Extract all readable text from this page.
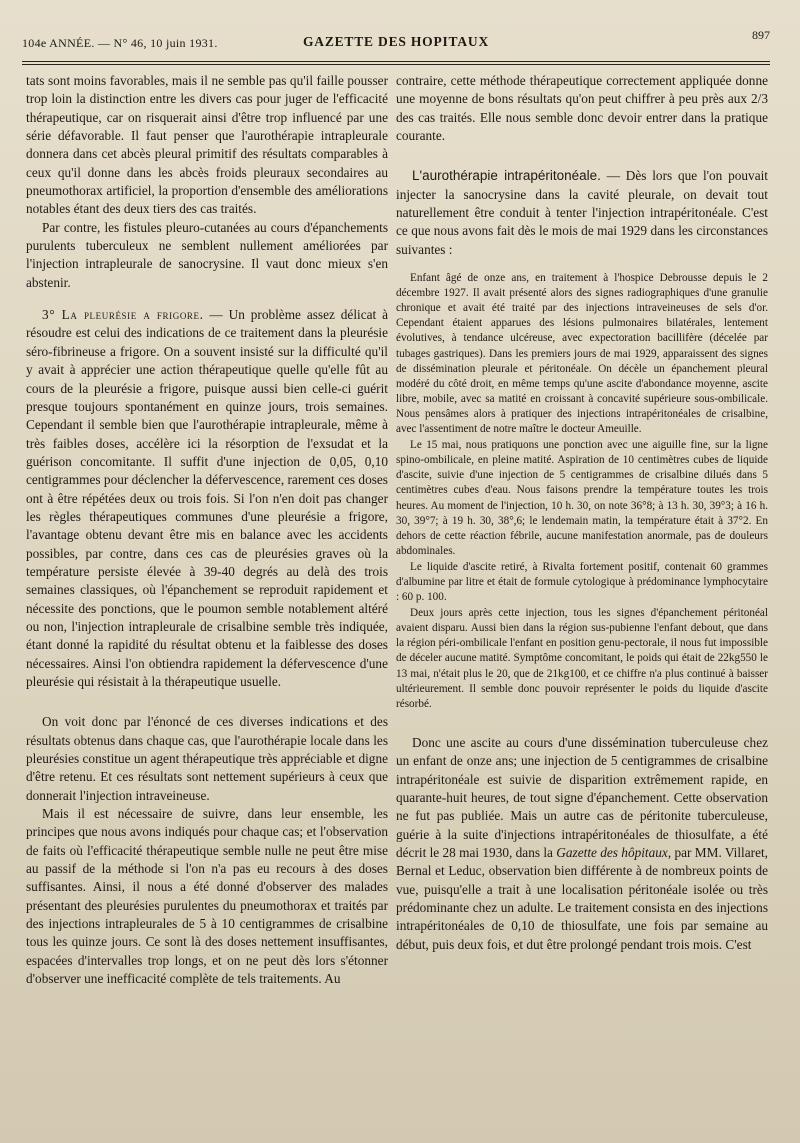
104e ANNÉE. — N° 46, 10 juin 1931.	GAZETTE DES HOPITAUX	897

tats sont moins favorables, mais il ne semble pas qu'il faille pousser trop loin la distinction entre les divers cas pour juger de l'efficacité thérapeutique, car on risquerait ainsi d'être trop influencé par une série défavorable. Il faut penser que l'aurothérapie intrapleurale donnera dans cet abcès pleural primitif des résultats comparables à ceux qu'il donne dans les abcès froids pleuraux secondaires au pneumothorax artificiel, la proportion d'ensemble des améliorations notables étant des deux tiers des cas traités.

Par contre, les fistules pleuro-cutanées au cours d'épanchements purulents tuberculeux ne semblent nullement améliorées par l'injection intrapleurale de sanocrysine. Il vaut donc mieux s'en abstenir.

3° La pleurésie a frigore. — Un problème assez délicat à résoudre est celui des indications de ce traitement dans la pleurésie séro-fibrineuse a frigore. On a souvent insisté sur la difficulté qu'il y avait à apprécier une action thérapeutique quelle qu'elle fût au cours de la pleurésie a frigore, puisque aussi bien celle-ci guérit presque toujours spontanément en quinze jours, trois semaines. Cependant il semble bien que l'aurothérapie intrapleurale, même à très faibles doses, accélère ici la résorption de l'exsudat et la guérison concomitante. Il suffit d'une injection de 0,05, 0,10 centigrammes pour déclencher la défervescence, rarement ces doses ont à être répétées deux ou trois fois. Si l'on n'en doit pas changer les règles thérapeutiques communes d'une pleurésie a frigore, l'avantage obtenu devant être mis en balance avec les accidents possibles, par contre, dans ces cas de pleurésies graves où la température persiste élevée à 39-40 degrés au delà des trois semaines classiques, où l'épanchement se reproduit rapidement et nécessite des ponctions, que le poumon semble notablement altéré ou non, l'injection intrapleurale de crisalbine semble très indiquée, étant donné la rapidité du résultat obtenu et la faiblesse des doses nécessaires. Ainsi l'on obtiendra rapidement la défervescence d'une pleurésie qui résistait à la thérapeutique usuelle.

On voit donc par l'énoncé de ces diverses indications et des résultats obtenus dans chaque cas, que l'aurothérapie locale dans les pleurésies constitue un agent thérapeutique très appréciable et digne d'être retenu. Et ces résultats sont nettement supérieurs à ceux que donnerait l'injection intraveineuse.

Mais il est nécessaire de suivre, dans leur ensemble, les principes que nous avons indiqués pour chaque cas; et l'observation de faits où l'efficacité thérapeutique semble nulle ne peut être mise au passif de la méthode si l'on n'a pas eu recours à des doses suffisantes. Ainsi, il nous a été donné d'observer des malades présentant des pleurésies purulentes du pneumothorax et traités par des injections intrapleurales de 5 à 10 centigrammes de crisalbine tous les quinze jours. Ce sont là des doses nettement insuffisantes, espacées d'intervalles trop longs, et on ne peut dès lors s'étonner d'observer une inefficacité complète de tels traitements. Au

contraire, cette méthode thérapeutique correctement appliquée donne une moyenne de bons résultats qu'on peut chiffrer à peu près aux 2/3 des cas traités. Elle nous semble donc devoir entrer dans la pratique courante.

L'aurothérapie intrapéritonéale. — Dès lors que l'on pouvait injecter la sanocrysine dans la cavité pleurale, on devait tout naturellement être conduit à tenter l'injection intrapéritonéale. C'est ce que nous avons fait dès le mois de mai 1929 dans les circonstances suivantes :

Enfant âgé de onze ans, en traitement à l'hospice Debrousse depuis le 2 décembre 1927. Il avait présenté alors des signes radiographiques d'une granulie chronique et avait été traité par des injections intraveineuses de sels d'or. Cependant étaient apparues des lésions pulmonaires bilatérales, lentement évolutives, à tendance ulcéreuse, avec expectoration bacillifère (décelée par tubages gastriques). Dans les premiers jours de mai 1929, apparaissent des signes de dissémination pleurale et péritonéale. On décèle un épanchement pleural modéré du côté droit, en même temps qu'une ascite d'abondance moyenne, ascite libre, mobile, avec sa matité en croissant à concavité supérieure sous-ombilicale. Nous pensâmes alors à pratiquer des injections intrapéritonéales de crisalbine, avec l'assentiment de notre maître le docteur Ameuille.

Le 15 mai, nous pratiquons une ponction avec une aiguille fine, sur la ligne spino-ombilicale, en pleine matité. Aspiration de 10 centimètres cubes de liquide d'ascite, suivie d'une injection de 5 centigrammes de crisalbine dilués dans 5 centimètres cubes d'eau. Nous faisons prendre la température toutes les trois heures. Au moment de l'injection, 10 h. 30, on note 36°8; à 13 h. 30, 39°3; à 16 h. 30, 39°7; à 19 h. 30, 38°,6; le lendemain matin, la température était à 37°2. En dehors de cette réaction fébrile, aucune manifestation anormale, pas de douleurs abdominales.

Le liquide d'ascite retiré, à Rivalta fortement positif, contenait 60 grammes d'albumine par litre et était de formule cytologique à prédominance lymphocytaire : 60 p. 100.

Deux jours après cette injection, tous les signes d'épanchement péritonéal avaient disparu. Aussi bien dans la région sus-pubienne l'enfant debout, que dans la région péri-ombilicale l'enfant en position genu-pectorale, il nous fut impossible de déceler aucune matité. Symptôme concomitant, le poids qui était de 22kg550 le 13 mai, n'était plus le 20, que de 21kg100, et ce chiffre n'a plus continué à baisser ultérieurement. Il semble donc pouvoir représenter le poids du liquide d'ascite résorbé.

Donc une ascite au cours d'une dissémination tuberculeuse chez un enfant de onze ans; une injection de 5 centigrammes de crisalbine intrapéritonéale est suivie de disparition extrêmement rapide, en quarante-huit heures, de tout signe d'épanchement. Cette observation ne fut pas publiée. Mais un autre cas de péritonite tuberculeuse, guérie à la suite d'injections intrapéritonéales de thiosulfate, a été décrit le 28 mai 1930, dans la Gazette des hôpitaux, par MM. Villaret, Bernal et Leduc, observation bien différente à de nombreux points de vue, puisqu'elle a trait à une localisation péritonéale isolée ou très prédominante chez un adulte. Le traitement consista en des injections intrapéritonéales de 0,10 de thiosulfate, une fois par semaine au début, puis deux fois, et dut être prolongé pendant trois mois. C'est
